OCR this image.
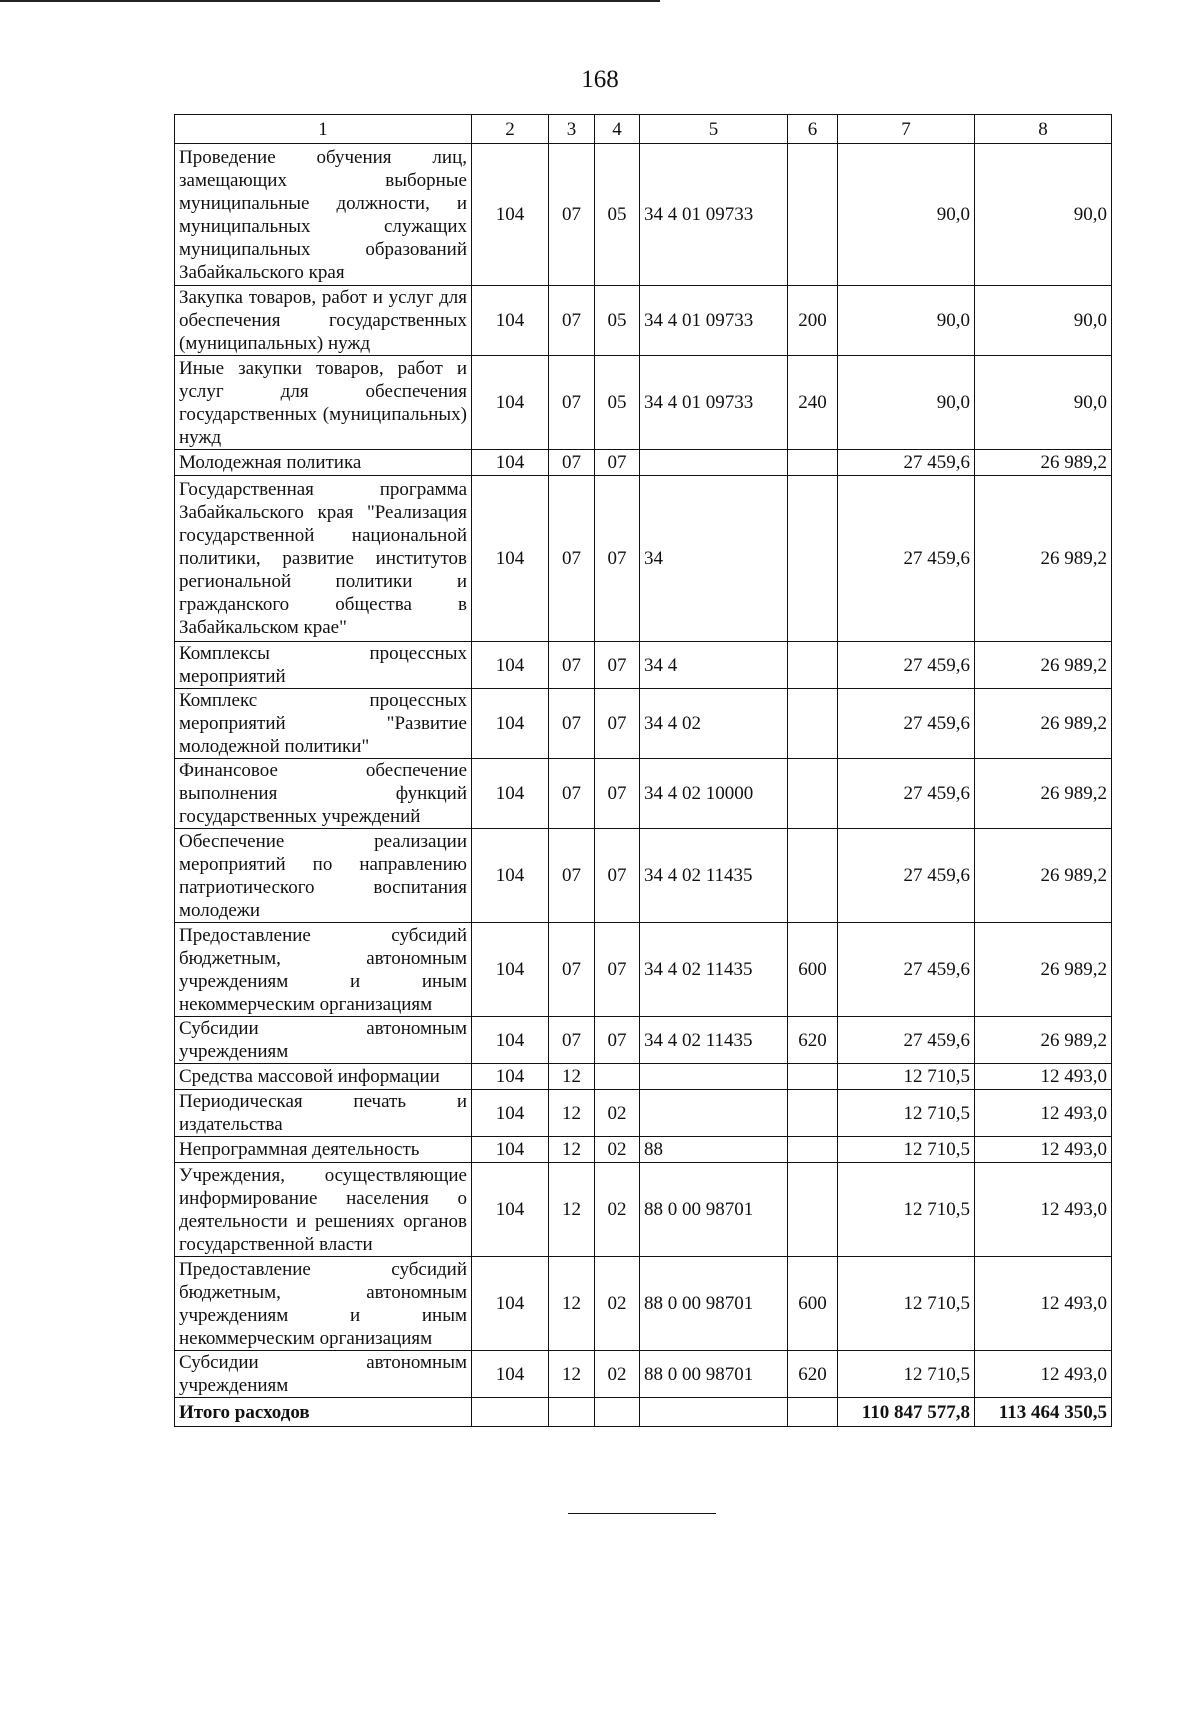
168
1	2	3	4	5	6	7	8
Проведение обучения лиц, замещающих выборные муниципальные должности, и муниципальных служащих муниципальных образований Забайкальского края	104	07	05	34 4 01 09733		90,0	90,0
Закупка товаров, работ и услуг для обеспечения государственных (муниципальных) нужд	104	07	05	34 4 01 09733	200	90,0	90,0
Иные закупки товаров, работ и услуг для обеспечения государственных (муниципальных) нужд	104	07	05	34 4 01 09733	240	90,0	90,0
Молодежная политика	104	07	07			27 459,6	26 989,2
Государственная программа Забайкальского края "Реализация государственной национальной политики, развитие институтов региональной политики и гражданского общества в Забайкальском крае"	104	07	07	34		27 459,6	26 989,2
Комплексы процессных мероприятий	104	07	07	34 4		27 459,6	26 989,2
Комплекс процессных мероприятий "Развитие молодежной политики"	104	07	07	34 4 02		27 459,6	26 989,2
Финансовое обеспечение выполнения функций государственных учреждений	104	07	07	34 4 02 10000		27 459,6	26 989,2
Обеспечение реализации мероприятий по направлению патриотического воспитания молодежи	104	07	07	34 4 02 11435		27 459,6	26 989,2
Предоставление субсидий бюджетным, автономным учреждениям и иным некоммерческим организациям	104	07	07	34 4 02 11435	600	27 459,6	26 989,2
Субсидии автономным учреждениям	104	07	07	34 4 02 11435	620	27 459,6	26 989,2
Средства массовой информации	104	12				12 710,5	12 493,0
Периодическая печать и издательства	104	12	02			12 710,5	12 493,0
Непрограммная деятельность	104	12	02	88		12 710,5	12 493,0
Учреждения, осуществляющие информирование населения о деятельности и решениях органов государственной власти	104	12	02	88 0 00 98701		12 710,5	12 493,0
Предоставление субсидий бюджетным, автономным учреждениям и иным некоммерческим организациям	104	12	02	88 0 00 98701	600	12 710,5	12 493,0
Субсидии автономным учреждениям	104	12	02	88 0 00 98701	620	12 710,5	12 493,0
Итого расходов						110 847 577,8	113 464 350,5
